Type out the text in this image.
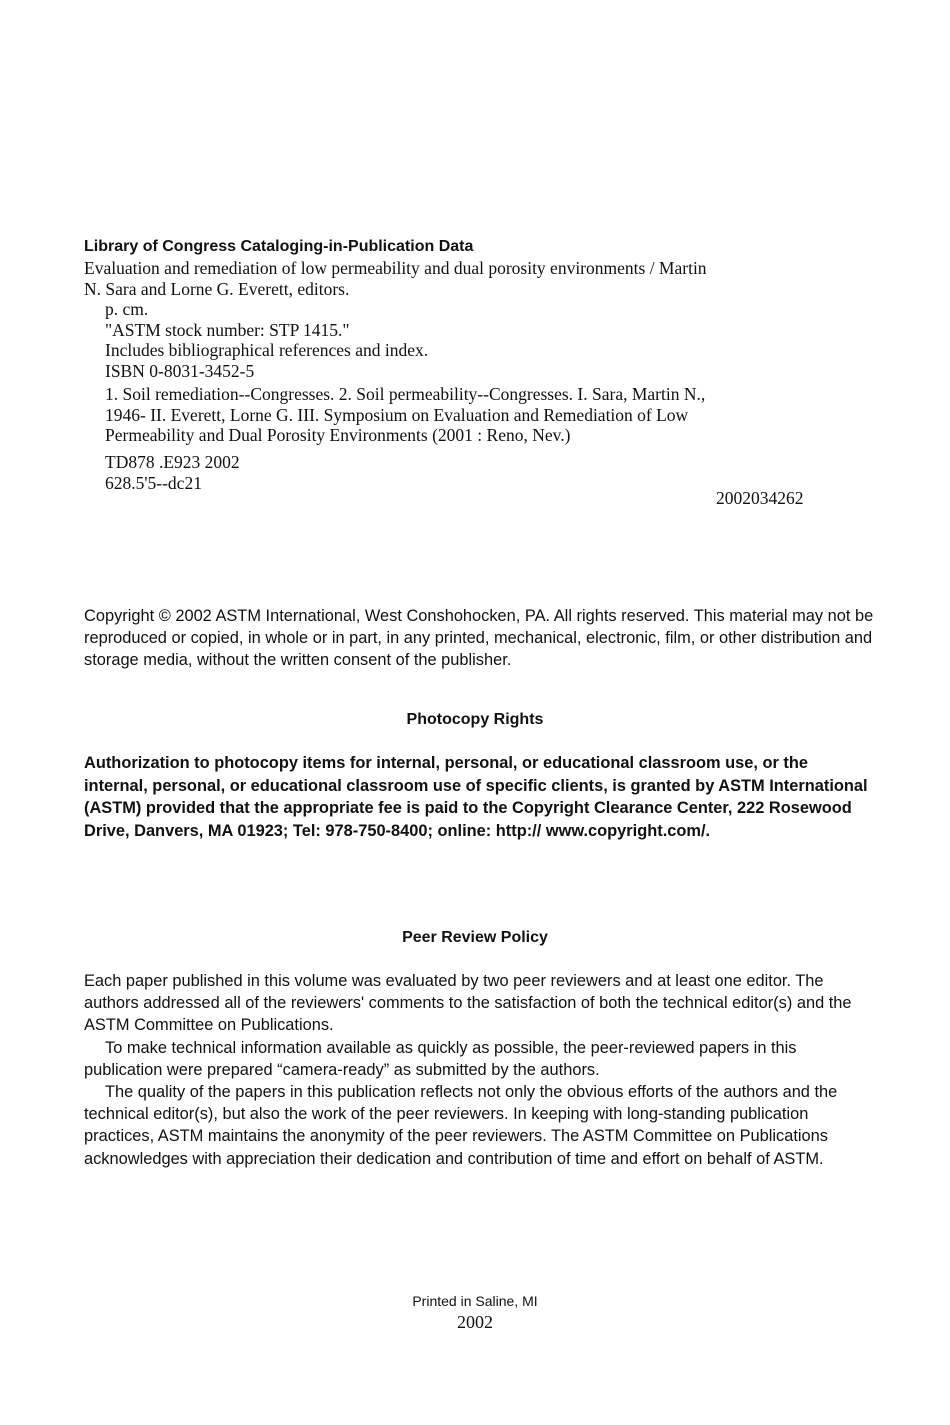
Library of Congress Cataloging-in-Publication Data
Evaluation and remediation of low permeability and dual porosity environments / Martin
N. Sara and Lorne G. Everett, editors.
p. cm.
"ASTM stock number: STP 1415."
Includes bibliographical references and index.
ISBN 0-8031-3452-5
1. Soil remediation--Congresses. 2. Soil permeability--Congresses. I. Sara, Martin N.,
1946- II. Everett, Lorne G. III. Symposium on Evaluation and Remediation of Low
Permeability and Dual Porosity Environments (2001 : Reno, Nev.)
TD878 .E923 2002
628.5'5--dc21
2002034262
Copyright © 2002 ASTM International, West Conshohocken, PA. All rights reserved. This material may not be reproduced or copied, in whole or in part, in any printed, mechanical, electronic, film, or other distribution and storage media, without the written consent of the publisher.
Photocopy Rights
Authorization to photocopy items for internal, personal, or educational classroom use, or the internal, personal, or educational classroom use of specific clients, is granted by ASTM International (ASTM) provided that the appropriate fee is paid to the Copyright Clearance Center, 222 Rosewood Drive, Danvers, MA 01923; Tel: 978-750-8400; online: http:// www.copyright.com/.
Peer Review Policy

Each paper published in this volume was evaluated by two peer reviewers and at least one editor. The authors addressed all of the reviewers' comments to the satisfaction of both the technical editor(s) and the ASTM Committee on Publications.

To make technical information available as quickly as possible, the peer-reviewed papers in this publication were prepared “camera-ready” as submitted by the authors.

The quality of the papers in this publication reflects not only the obvious efforts of the authors and the technical editor(s), but also the work of the peer reviewers. In keeping with long-standing publication practices, ASTM maintains the anonymity of the peer reviewers. The ASTM Committee on Publications acknowledges with appreciation their dedication and contribution of time and effort on behalf of ASTM.

Printed in Saline, MI
2002
